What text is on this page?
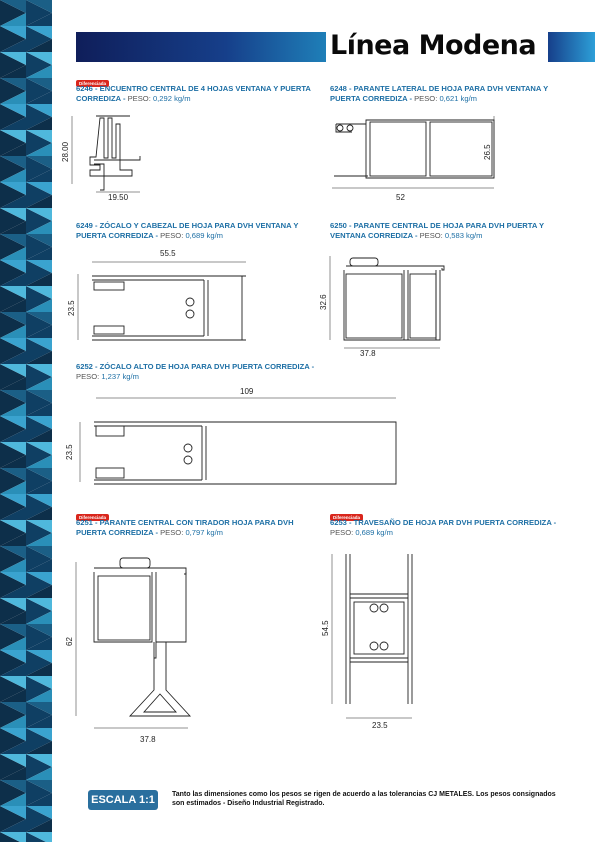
Línea Modena
Diferenciada
6246 - ENCUENTRO CENTRAL DE 4 HOJAS VENTANA Y PUERTA CORREDIZA - PESO: 0,292 kg/m
28.00
19.50
6248 - PARANTE LATERAL DE HOJA PARA DVH VENTANA Y PUERTA CORREDIZA - PESO: 0,621 kg/m
26.5
52
6249 - ZÓCALO Y CABEZAL DE HOJA PARA DVH VENTANA Y PUERTA CORREDIZA - PESO: 0,689 kg/m
55.5
23.5
6250 - PARANTE CENTRAL DE HOJA PARA DVH PUERTA Y VENTANA CORREDIZA - PESO: 0,583 kg/m
32.6
37.8
6252 - ZÓCALO ALTO DE HOJA PARA DVH PUERTA CORREDIZA - PESO: 1,237 kg/m
109
23.5
Diferenciada
6251 - PARANTE CENTRAL CON TIRADOR HOJA PARA DVH PUERTA CORREDIZA - PESO: 0,797 kg/m
62
37.8
Diferenciada
6253 - TRAVESAÑO DE HOJA PAR DVH PUERTA CORREDIZA - PESO: 0,689 kg/m
54.5
23.5
ESCALA 1:1	Tanto las dimensiones como los pesos se rigen de acuerdo a las tolerancias CJ METALES. Los pesos consignados son estimados - Diseño Industrial Registrado.
